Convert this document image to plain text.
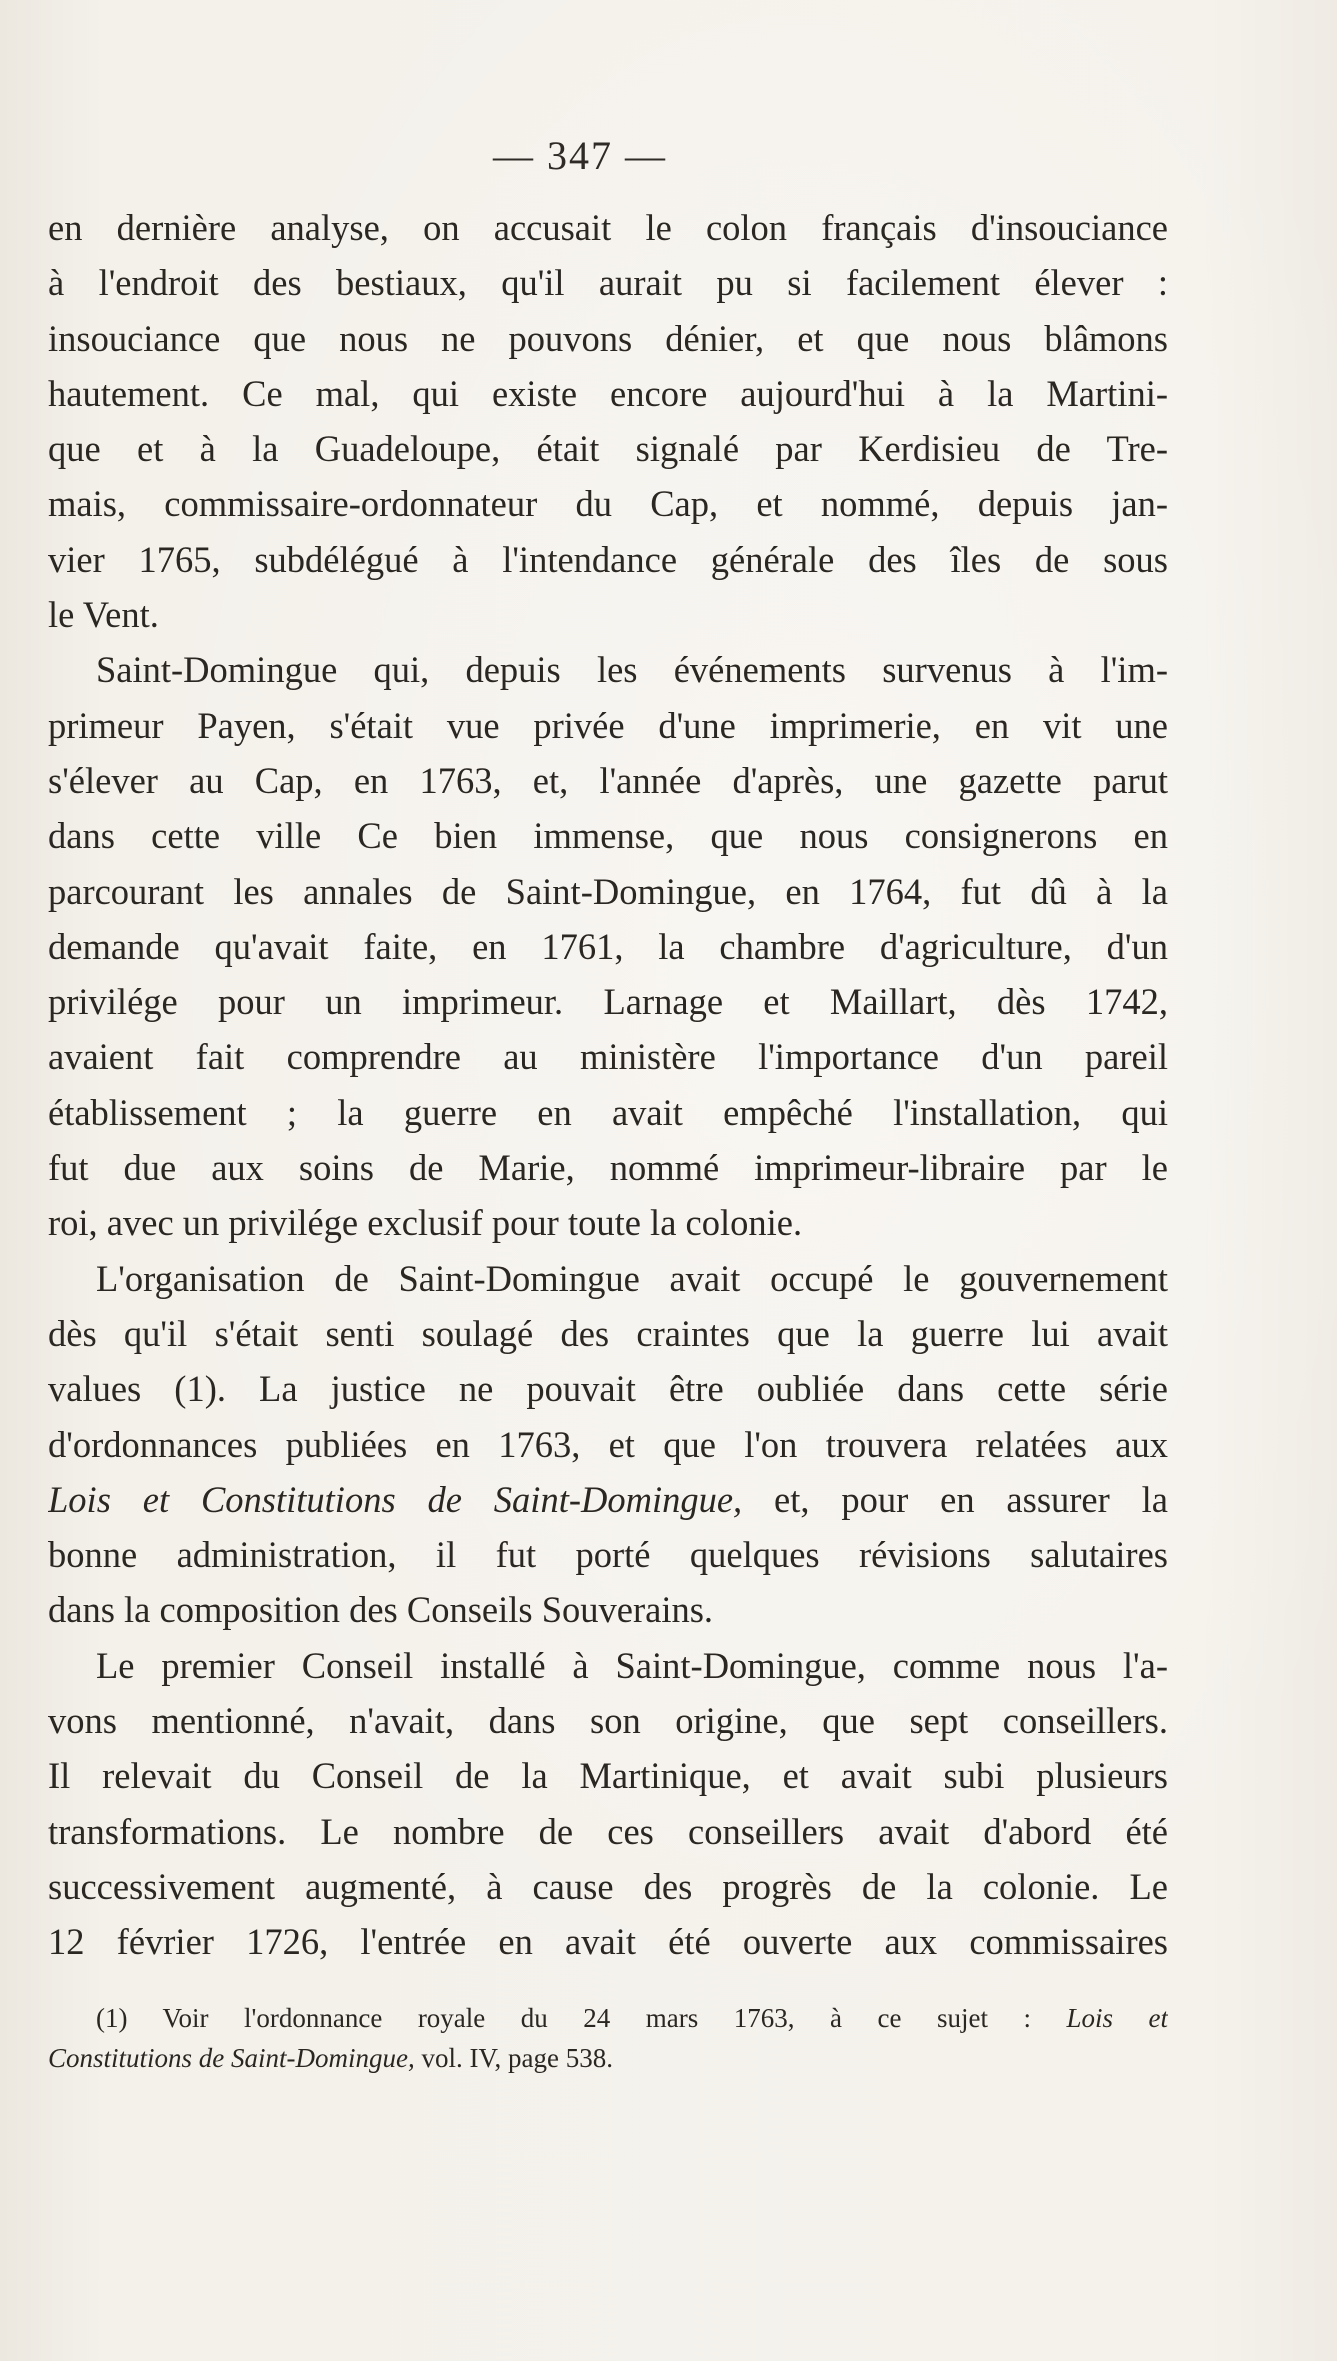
— 347 —
en dernière analyse, on accusait le colon français d'insouciance
à l'endroit des bestiaux, qu'il aurait pu si facilement élever :
insouciance que nous ne pouvons dénier, et que nous blâmons
hautement. Ce mal, qui existe encore aujourd'hui à la Martini-
que et à la Guadeloupe, était signalé par Kerdisieu de Tre-
mais, commissaire-ordonnateur du Cap, et nommé, depuis jan-
vier 1765, subdélégué à l'intendance générale des îles de sous
le Vent.
Saint-Domingue qui, depuis les événements survenus à l'im-
primeur Payen, s'était vue privée d'une imprimerie, en vit une
s'élever au Cap, en 1763, et, l'année d'après, une gazette parut
dans cette ville Ce bien immense, que nous consignerons en
parcourant les annales de Saint-Domingue, en 1764, fut dû à la
demande qu'avait faite, en 1761, la chambre d'agriculture, d'un
privilége pour un imprimeur. Larnage et Maillart, dès 1742,
avaient fait comprendre au ministère l'importance d'un pareil
établissement ; la guerre en avait empêché l'installation, qui
fut due aux soins de Marie, nommé imprimeur-libraire par le
roi, avec un privilége exclusif pour toute la colonie.
L'organisation de Saint-Domingue avait occupé le gouvernement
dès qu'il s'était senti soulagé des craintes que la guerre lui avait
values (1). La justice ne pouvait être oubliée dans cette série
d'ordonnances publiées en 1763, et que l'on trouvera relatées aux
Lois et Constitutions de Saint-Domingue, et, pour en assurer la
bonne administration, il fut porté quelques révisions salutaires
dans la composition des Conseils Souverains.
Le premier Conseil installé à Saint-Domingue, comme nous l'a-
vons mentionné, n'avait, dans son origine, que sept conseillers.
Il relevait du Conseil de la Martinique, et avait subi plusieurs
transformations. Le nombre de ces conseillers avait d'abord été
successivement augmenté, à cause des progrès de la colonie. Le
12 février 1726, l'entrée en avait été ouverte aux commissaires
(1) Voir l'ordonnance royale du 24 mars 1763, à ce sujet : Lois et
Constitutions de Saint-Domingue, vol. IV, page 538.
